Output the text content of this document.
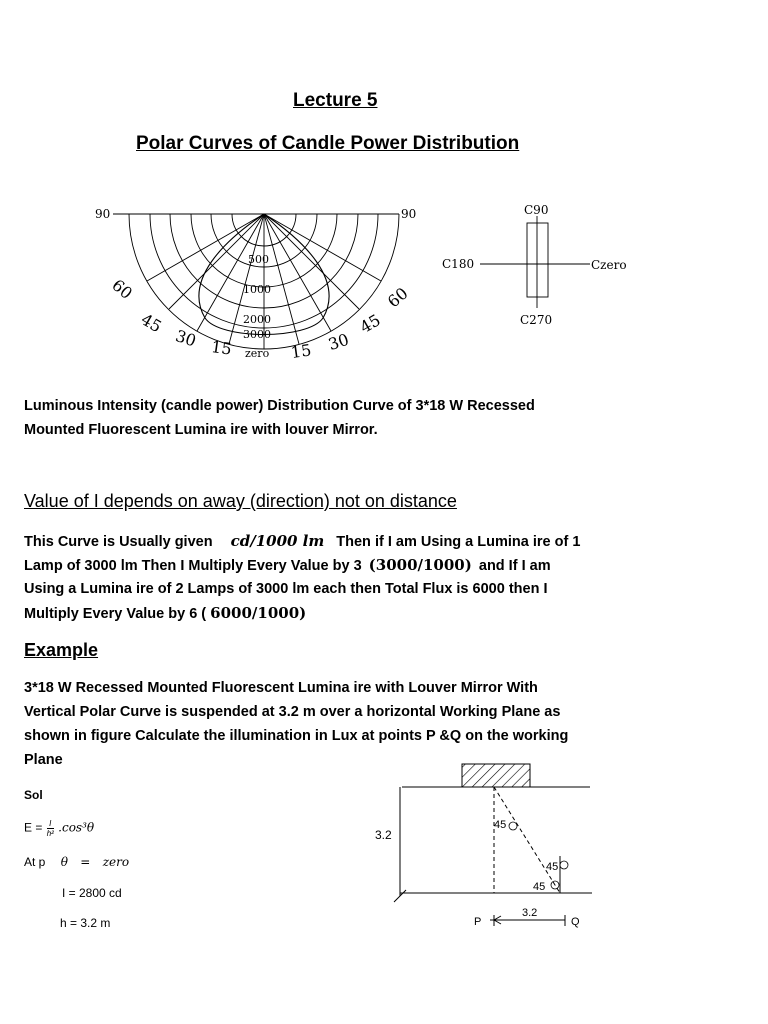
Lecture 5
Polar Curves of Candle Power Distribution
90	90
500
1000
2000
3000
zero
60
45
30 15	15 30
45
60
C90
C180	Czero
C270
Luminous Intensity (candle power) Distribution Curve of 3*18 W Recessed
Mounted Fluorescent Lumina ire with louver Mirror.
Value of I depends on away (direction) not on distance
This Curve is Usually given cd/1000 lm Then if I am Using a Lumina ire of 1
Lamp of 3000 lm Then I Multiply Every Value by 3 (3000/1000) and If I am
Using a Lumina ire of 2 Lamps of 3000 lm each then Total Flux is 6000 then I
Multiply Every Value by 6 ( 6000/1000)
Example
3*18 W Recessed Mounted Fluorescent Lumina ire with Louver Mirror With
Vertical Polar Curve is suspended at 3.2 m over a horizontal Working Plane as
shown in figure Calculate the illumination in Lux at points P &Q on the working
Plane
Sol
$E = \frac{I}{\text{h²}} .\cos^3\theta$
At p θ = zero
I = 2800 cd
h = 3.2 m
45
45
45
3.2
P	Q
3.2
